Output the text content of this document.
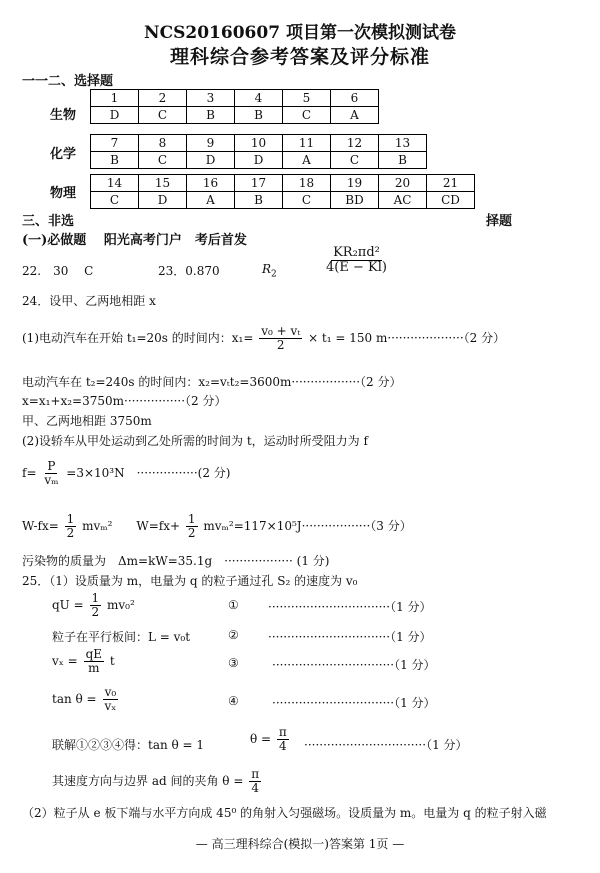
NCS20160607 项目第一次模拟测试卷
理科综合参考答案及评分标准
一一二、选择题
生物
1	2	3	4	5	6
D	C	B	B	C	A
化学
7	8	9	10	11	12	13
B	C	D	D	A	C	B
物理
14	15	16	17	18	19	20	21
C	D	A	B	C	BD	AC	CD
三、非选	择题
(一)必做题　 阳光高考门户　考后首发
22.　30　 C	23．0.870	$R_2$	$\frac{\text{KR₂πd²}}{4(E - Kl)}$
24．设甲、乙两地相距 x
(1)电动汽车在开始 t₁=20s 的时间内：$x_1= \frac{\text{v₀ + vₜ}}{2} \times t_1 = 150$ m····················（2 分）
电动汽车在 t₂=240s 的时间内：x₂=vₜt₂=3600m··················（2 分）
x=x₁+x₂=3750m················（2 分）
甲、乙两地相距 3750m
(2)设轿车从甲处运动到乙处所需的时间为 t，运动时所受阻力为 f
$f= \frac{P}{\text{vₘ}} =3\times 10^3N$　················(2 分)
$W-fx= \frac{1}{2} mv_m^2$　　$W=fx+ \frac{1}{2} mv_m^2=117\times 10^5J\cdot\cdot\cdot\cdot\cdot\cdot\cdot\cdot\cdot\cdot\cdot\cdot\cdot\cdot\cdot\cdot\cdot\cdot(3$ 分）
污染物的质量为　Δm=kW=35.1g　·················· (1 分)
25．（1）设质量为 m，电量为 q 的粒子通过孔 S₂ 的速度为 v₀
qU = $\frac{1}{2} mv_0^2$	① ································（1 分）
粒子在平行板间：L = v₀t	② ································（1 分）
$v_x = \frac{qE}{m}$ t	③	································（1 分）
$\tan \theta = \frac{\text{v₀}}{\text{vₓ}}$	④	································（1 分）
联解①②③④得：tan θ = 1	$\theta = \frac{\pi}{4} \cdot\cdot\cdot\cdot\cdot\cdot\cdot\cdot\cdot\cdot\cdot\cdot\cdot\cdot\cdot\cdot\cdot\cdot\cdot\cdot\cdot\cdot\cdot\cdot\cdot\cdot\cdot\cdot\cdot\cdot\cdot\cdot(1$ 分）
其速度方向与边界 ad 间的夹角 $\theta = \frac{\pi}{4}$
（2）粒子从 e 板下端与水平方向成 45⁰ 的角射入匀强磁场。设质量为 m。电量为 q 的粒子射入磁
— 高三理科综合(模拟一)答案第 1页 —
